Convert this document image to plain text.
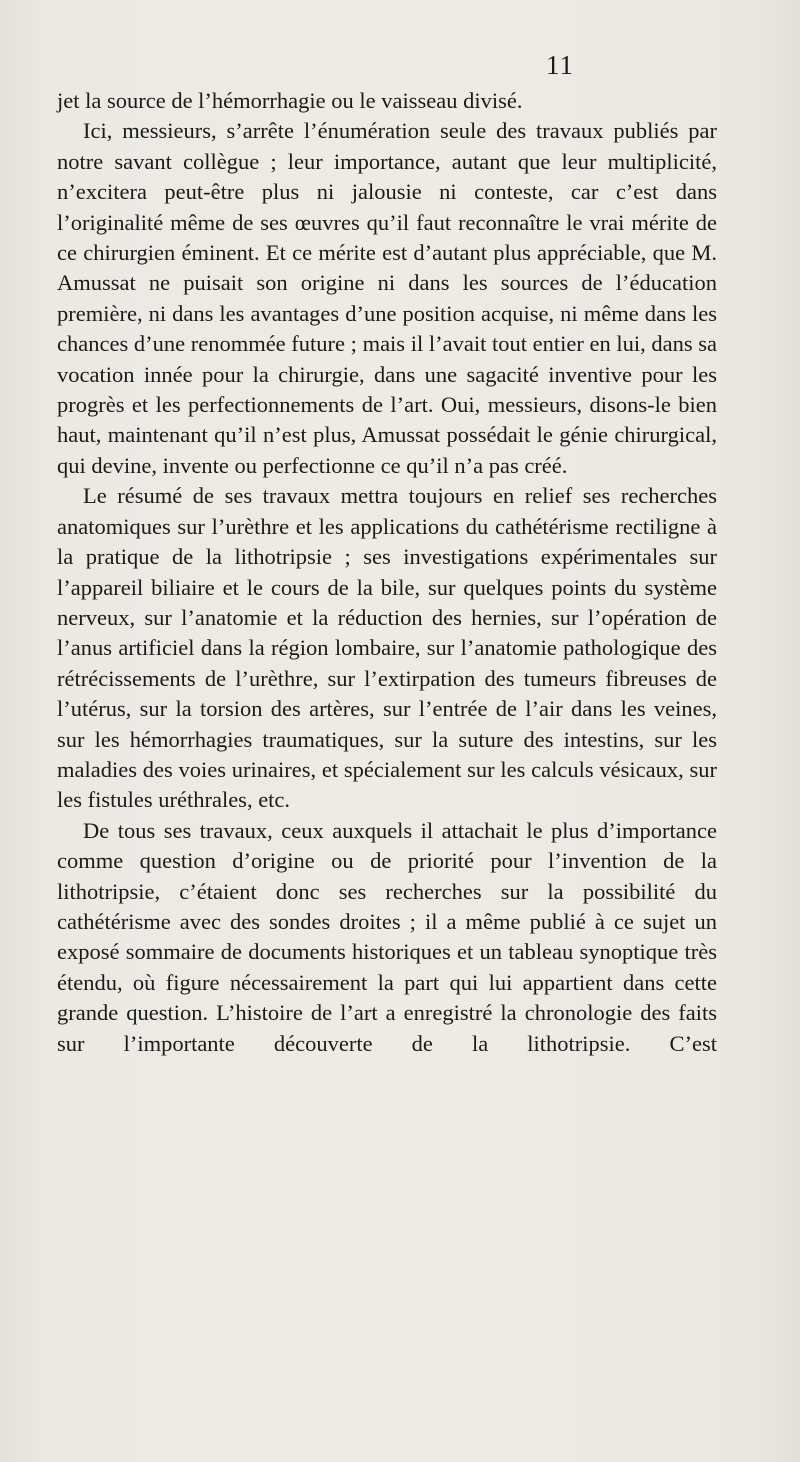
11

jet la source de l’hémorrhagie ou le vaisseau divisé.

Ici, messieurs, s’arrête l’énumération seule des travaux publiés par notre savant collègue ; leur importance, autant que leur multiplicité, n’excitera peut-être plus ni jalousie ni conteste, car c’est dans l’originalité même de ses œuvres qu’il faut reconnaître le vrai mérite de ce chirurgien éminent. Et ce mérite est d’autant plus appréciable, que M. Amussat ne puisait son origine ni dans les sources de l’éducation première, ni dans les avantages d’une position acquise, ni même dans les chances d’une renommée future ; mais il l’avait tout entier en lui, dans sa vocation innée pour la chirurgie, dans une sagacité inventive pour les progrès et les perfectionnements de l’art. Oui, messieurs, disons-le bien haut, maintenant qu’il n’est plus, Amussat possédait le génie chirurgical, qui devine, invente ou perfectionne ce qu’il n’a pas créé.

Le résumé de ses travaux mettra toujours en relief ses recherches anatomiques sur l’urèthre et les applications du cathétérisme rectiligne à la pratique de la lithotripsie ; ses investigations expérimentales sur l’appareil biliaire et le cours de la bile, sur quelques points du système nerveux, sur l’anatomie et la réduction des hernies, sur l’opération de l’anus artificiel dans la région lombaire, sur l’anatomie pathologique des rétrécissements de l’urèthre, sur l’extirpation des tumeurs fibreuses de l’utérus, sur la torsion des artères, sur l’entrée de l’air dans les veines, sur les hémorrhagies traumatiques, sur la suture des intestins, sur les maladies des voies urinaires, et spécialement sur les calculs vésicaux, sur les fistules uréthrales, etc.

De tous ses travaux, ceux auxquels il attachait le plus d’importance comme question d’origine ou de priorité pour l’invention de la lithotripsie, c’étaient donc ses recherches sur la possibilité du cathétérisme avec des sondes droites ; il a même publié à ce sujet un exposé sommaire de documents historiques et un tableau synoptique très étendu, où figure nécessairement la part qui lui appartient dans cette grande question. L’histoire de l’art a enregistré la chronologie des faits sur l’importante découverte de la lithotripsie. C’est
